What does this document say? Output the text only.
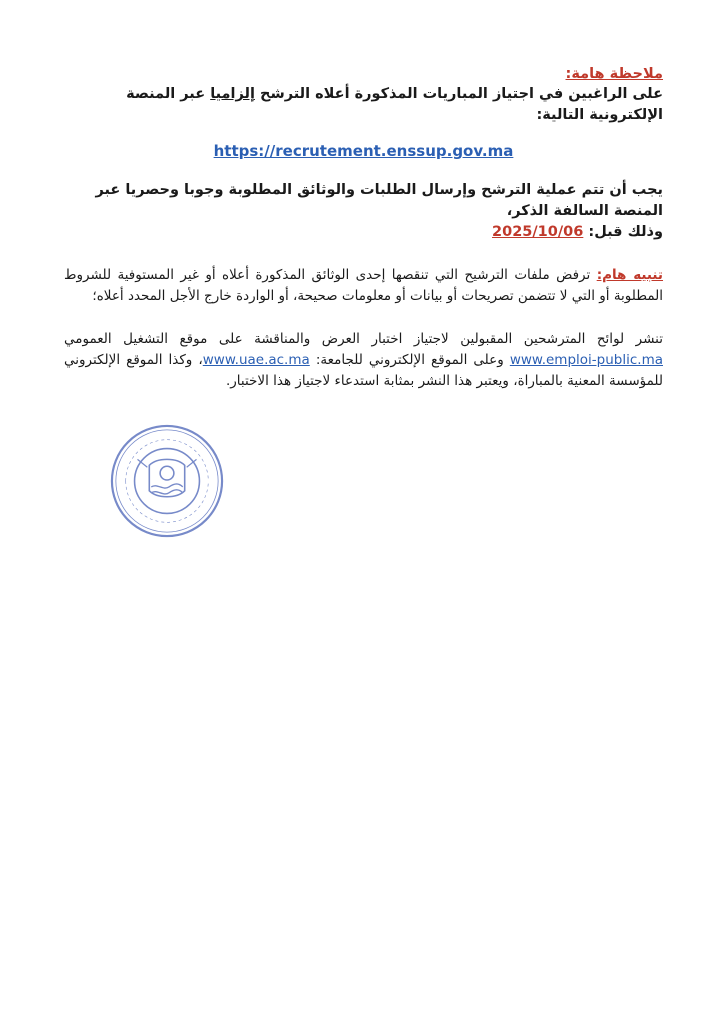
ملاحظة هامة:
على الراغبين في اجتياز المباريات المذكورة أعلاه الترشح إلزاميا عبر المنصة الإلكترونية التالية:
https://recrutement.enssup.gov.ma
يجب أن تتم عملية الترشح وإرسال الطلبات والوثائق المطلوبة وجوبا وحصريا عبر المنصة السالفة الذكر،
وذلك قبل: 2025/10/06
تنبيه هام: ترفض ملفات الترشيح التي تنقصها إحدى الوثائق المذكورة أعلاه أو غير المستوفية للشروط المطلوبة أو التي لا تتضمن تصريحات أو بيانات أو معلومات صحيحة، أو الواردة خارج الأجل المحدد أعلاه؛
تنشر لوائح المترشحين المقبولين لاجتياز اختبار العرض والمناقشة على موقع التشغيل العمومي www.emploi-public.ma وعلى الموقع الإلكتروني للجامعة: www.uae.ac.ma، وكذا الموقع الإلكتروني للمؤسسة المعنية بالمباراة، ويعتبر هذا النشر بمثابة استدعاء لاجتياز هذا الاختبار.
